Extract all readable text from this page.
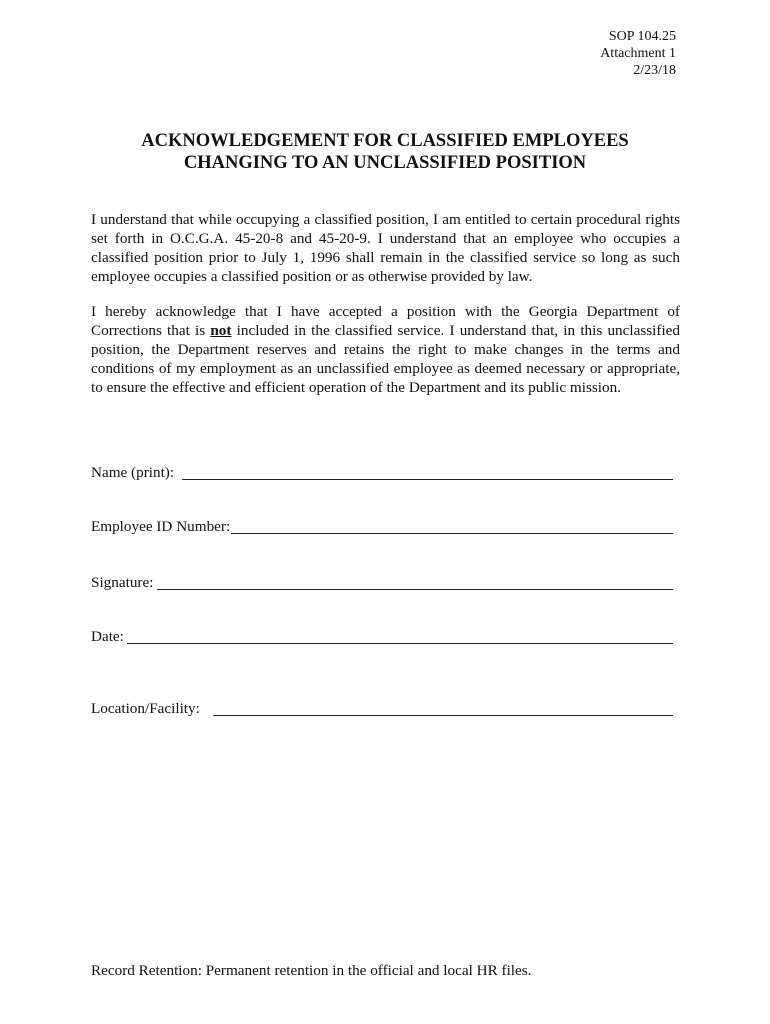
SOP 104.25
Attachment 1
2/23/18
ACKNOWLEDGEMENT FOR CLASSIFIED EMPLOYEES
CHANGING TO AN UNCLASSIFIED POSITION
I understand that while occupying a classified position, I am entitled to certain procedural rights set forth in O.C.G.A. 45-20-8 and 45-20-9. I understand that an employee who occupies a classified position prior to July 1, 1996 shall remain in the classified service so long as such employee occupies a classified position or as otherwise provided by law.
I hereby acknowledge that I have accepted a position with the Georgia Department of Corrections that is not included in the classified service. I understand that, in this unclassified position, the Department reserves and retains the right to make changes in the terms and conditions of my employment as an unclassified employee as deemed necessary or appropriate, to ensure the effective and efficient operation of the Department and its public mission.
Name (print):
Employee ID Number:
Signature:
Date:
Location/Facility:
Record Retention: Permanent retention in the official and local HR files.
